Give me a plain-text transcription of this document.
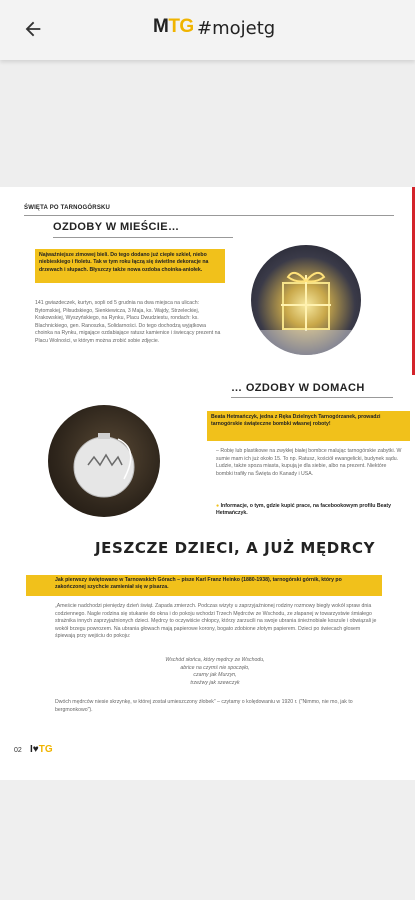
MTG #mojetg
ŚWIĘTA PO TARNOGÓRSKU
OZDOBY W MIEŚCIE…
Najważniejsze zimowej bieli. Do tego dodano już ciepłe szkieł, niebo niebieskiego i fioletu. Tak w tym roku łączą się świetlne dekoracje na drzewach i słupach. Błyszczy także nowa ozdoba choinka-aniołek.
141 gwiazdeczek, kurtyn, sopli od 5 grudnia na dwa miejsca na ulicach: Bytomskiej, Piłsudskiego, Sienkiewicza, 3 Maja, ks. Wajdy, Strzeleckiej, Krakowskiej, Wyszyńskiego, na Rynku, Placu Dwudziestu, rondach: ks. Blachnickiego, gen. Ranoszka, Solidarności. Do tego dochodzą wyjątkowa choinka na Rynku, migające ozdabiające ratusz kamienice i świecący prezent na Placu Wolności, w którym można zrobić sobie zdjęcie.
… OZDOBY W DOMACH
Beata Hetmańczyk, jedna z Ręka Dzielnych Tarnogórzanek, prowadzi tarnogórskie świąteczne bombki własnej roboty!
– Robię lub plastikowe na zwykłej białej bombce malując tarnogórskie zabytki. W sumie mam ich już około 15. To np. Ratusz, kościół ewangelicki, budynek sądu. Ludzie, także spoza miasta, kupują je dla siebie, albo na prezent. Niektóre bombki trafiły na Święta do Kanady i USA.
● Informacje, o tym, gdzie kupić prace, na facebookowym profilu Beaty Hetmańczyk.
JESZCZE DZIECI, A JUŻ MĘDRCY
Jak pierwszy świętowano w Tarnowskich Górach – pisze Karl Franz Heinko (1880-1938), tarnogórski górnik, który po zakończonej szychcie zamieniał się w pisarza.
„Ameście nadchodzi pieniędzy dzień świąt. Zapada zmierzch. Podczas wizyty u zaprzyjaźnionej rodziny rozmowy biegły wokół spraw dnia codziennego. Nagle rodzina się stukanie do okna i do pokoju wchodzi Trzech Mędrców ze Wschodu, ze złapanej w towarzystwie śmiałego strażnika innych zaprzyjaźnionych dzieci. Mędrcy to oczywiście chłopcy, którzy zarzucili na swoje ubrania śnieżnobiałe koszule i obwiązali je wokół brzegu powrozem. Na ubrania głowach mają papierowe korony, bogato zdobione złotym papierem. Dzieci po świecach głosem śpiewają przy wejściu do pokoju:
Wschód słońca, który mędrcy ze Wschodu,
abrice na czymś nie spoczęło,
czarny jak Murzyn,
trzeźwy jak szewczyk
Dwóch mędrców niesie skrzynkę, w której został umieszczony żłobek” – czytamy o kolędowaniu w 1920 r. ("Nimmo, nie mo, jak to bergmonkowo").
02 I♥TG
